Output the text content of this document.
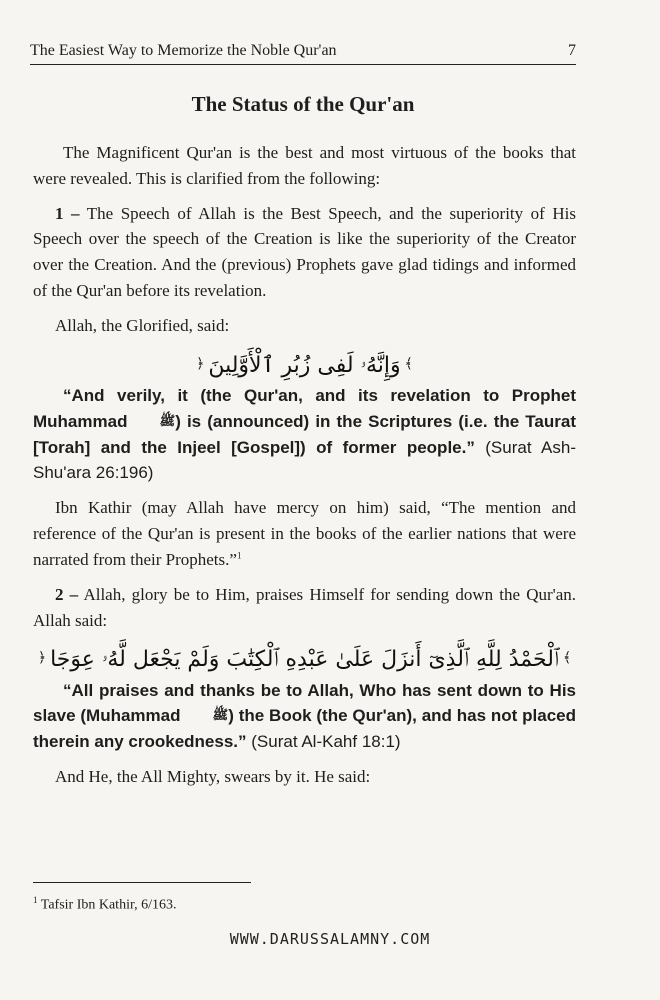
The Easiest Way to Memorize the Noble Qur'an	7
The Status of the Qur'an

The Magnificent Qur'an is the best and most virtuous of the books that were revealed. This is clarified from the following:

1 – The Speech of Allah is the Best Speech, and the superiority of His Speech over the speech of the Creation is like the superiority of the Creator over the Creation. And the (previous) Prophets gave glad tidings and informed of the Qur'an before its revelation.

Allah, the Glorified, said:

﴾وَإِنَّهُۥ لَفِى زُبُرِ ٱلْأَوَّلِينَ﴿

“And verily, it (the Qur'an, and its revelation to Prophet Muhammad ﷺ) is (announced) in the Scriptures (i.e. the Taurat [Torah] and the Injeel [Gospel]) of former people.” (Surat Ash-Shu'ara 26:196)

Ibn Kathir (may Allah have mercy on him) said, “The mention and reference of the Qur'an is present in the books of the earlier nations that were narrated from their Prophets.”$^1$

2 – Allah, glory be to Him, praises Himself for sending down the Qur'an. Allah said:

﴾ٱلْحَمْدُ لِلَّهِ ٱلَّذِىٓ أَنزَلَ عَلَىٰ عَبْدِهِ ٱلْكِتَٰبَ وَلَمْ يَجْعَل لَّهُۥ عِوَجَا﴿

“All praises and thanks be to Allah, Who has sent down to His slave (Muhammad ﷺ) the Book (the Qur'an), and has not placed therein any crookedness.” (Surat Al-Kahf 18:1)

And He, the All Mighty, swears by it. He said:

$^1$ Tafsir Ibn Kathir, 6/163.
WWW.DARUSSALAMNY.COM
